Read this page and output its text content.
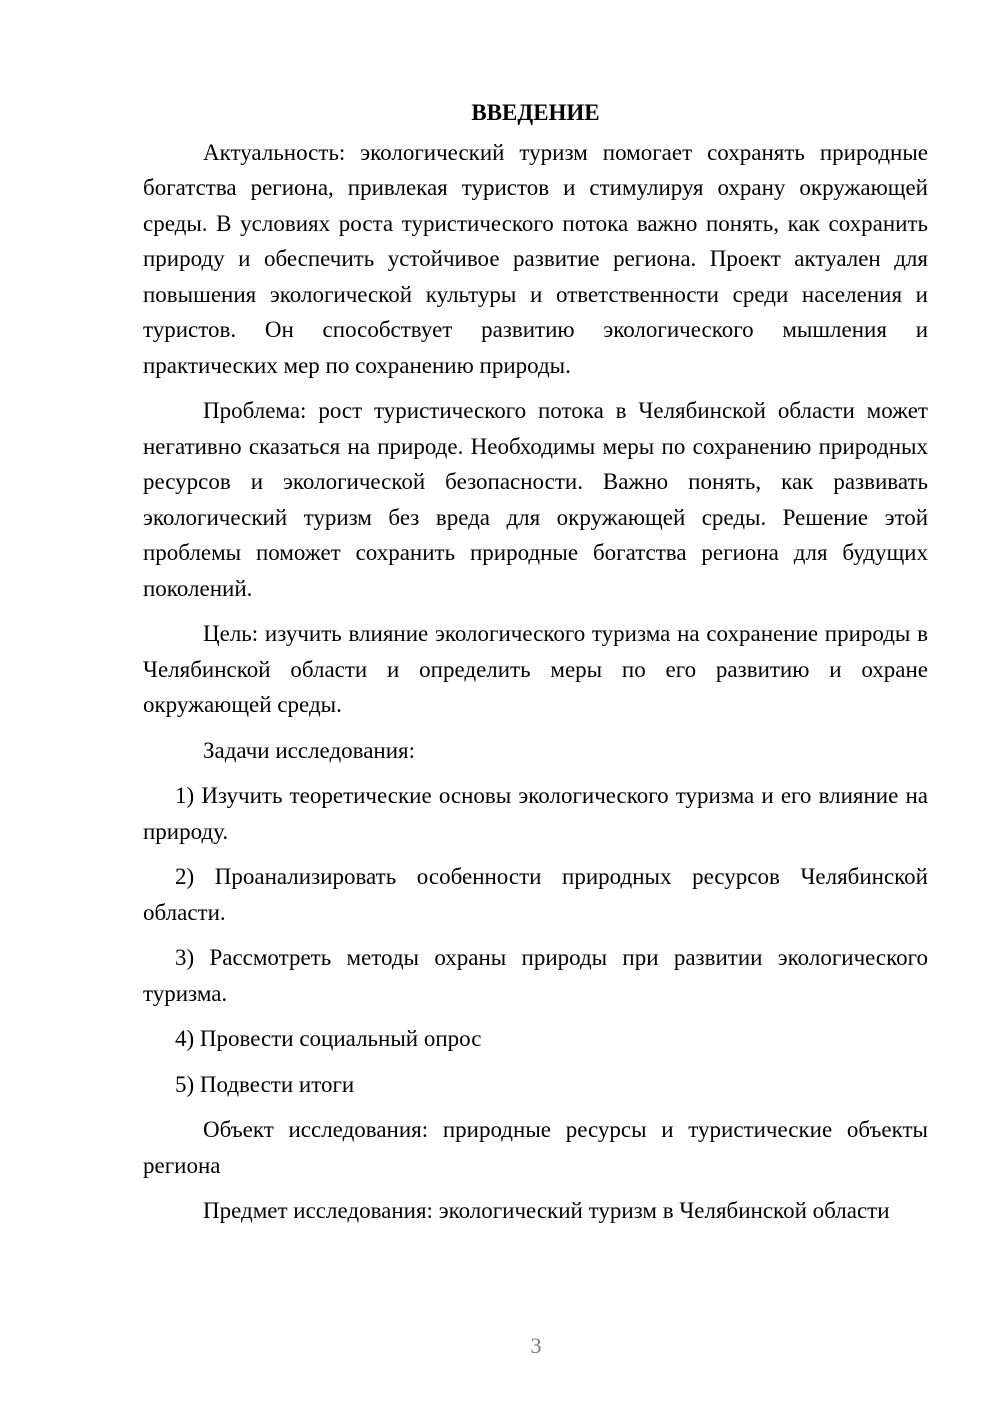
ВВЕДЕНИЕ

Актуальность: экологический туризм помогает сохранять природные богатства региона, привлекая туристов и стимулируя охрану окружающей среды. В условиях роста туристического потока важно понять, как сохранить природу и обеспечить устойчивое развитие региона. Проект актуален для повышения экологической культуры и ответственности среди населения и туристов. Он способствует развитию экологического мышления и практических мер по сохранению природы.

Проблема: рост туристического потока в Челябинской области может негативно сказаться на природе. Необходимы меры по сохранению природных ресурсов и экологической безопасности. Важно понять, как развивать экологический туризм без вреда для окружающей среды. Решение этой проблемы поможет сохранить природные богатства региона для будущих поколений.

Цель: изучить влияние экологического туризма на сохранение природы в Челябинской области и определить меры по его развитию и охране окружающей среды.

Задачи исследования:

1) Изучить теоретические основы экологического туризма и его влияние на природу.

2) Проанализировать особенности природных ресурсов Челябинской области.

3) Рассмотреть методы охраны природы при развитии экологического туризма.

4) Провести социальный опрос

5) Подвести итоги

Объект исследования: природные ресурсы и туристические объекты региона

Предмет исследования: экологический туризм в Челябинской области

3
